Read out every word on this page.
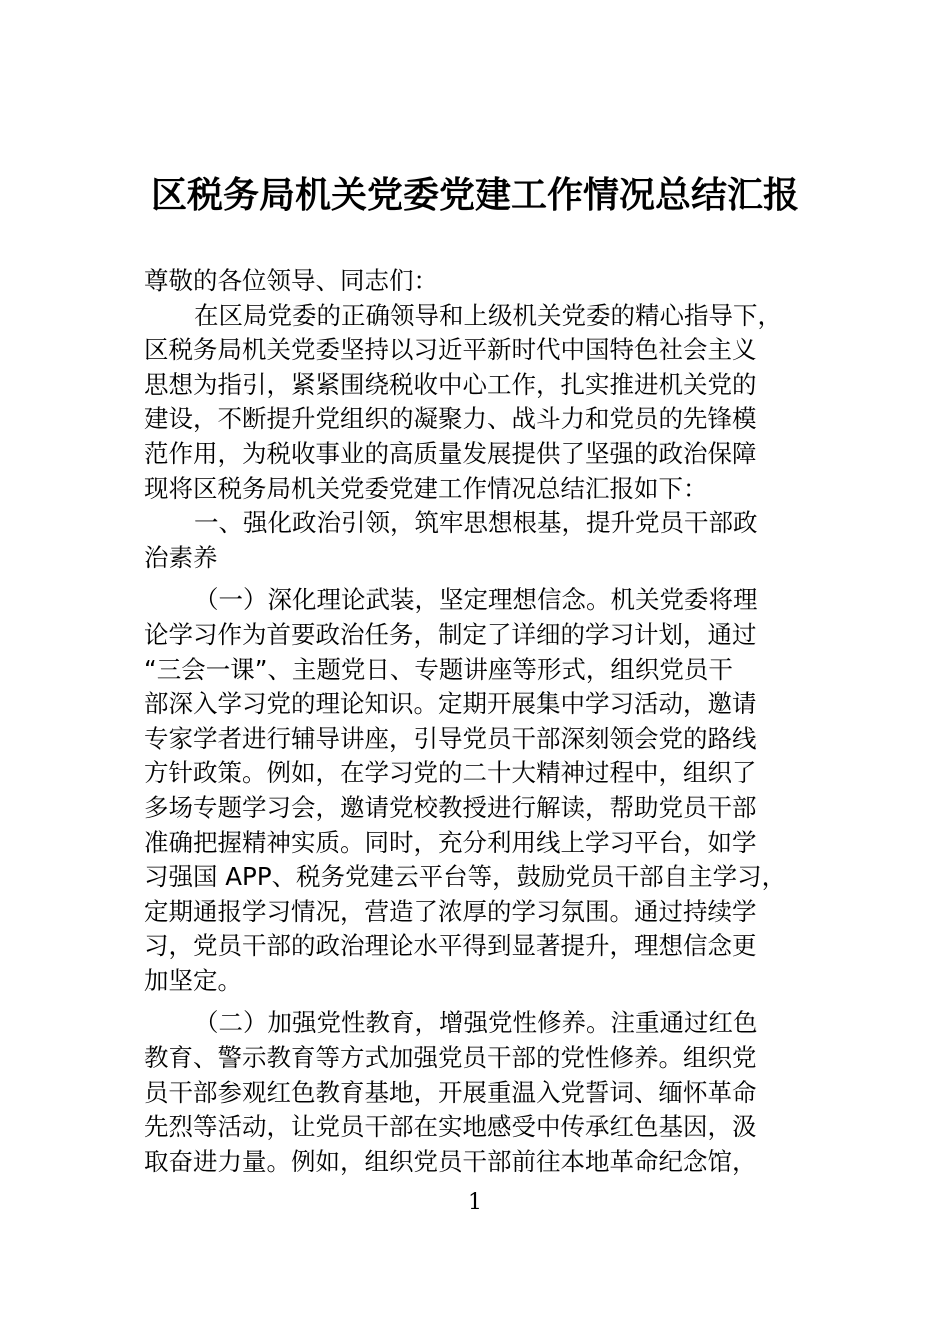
区税务局机关党委党建工作情况总结汇报
尊敬的各位领导、同志们：
在区局党委的正确领导和上级机关党委的精心指导下，
区税务局机关党委坚持以习近平新时代中国特色社会主义
思想为指引，紧紧围绕税收中心工作，扎实推进机关党的
建设，不断提升党组织的凝聚力、战斗力和党员的先锋模
范作用，为税收事业的高质量发展提供了坚强的政治保障
现将区税务局机关党委党建工作情况总结汇报如下：
一、强化政治引领，筑牢思想根基，提升党员干部政
治素养
（一）深化理论武装，坚定理想信念。机关党委将理
论学习作为首要政治任务，制定了详细的学习计划，通过
“三会一课”、主题党日、专题讲座等形式，组织党员干
部深入学习党的理论知识。定期开展集中学习活动，邀请
专家学者进行辅导讲座，引导党员干部深刻领会党的路线
方针政策。例如，在学习党的二十大精神过程中，组织了
多场专题学习会，邀请党校教授进行解读，帮助党员干部
准确把握精神实质。同时，充分利用线上学习平台，如学
习强国 APP、税务党建云平台等，鼓励党员干部自主学习，
定期通报学习情况，营造了浓厚的学习氛围。通过持续学
习，党员干部的政治理论水平得到显著提升，理想信念更
加坚定。
（二）加强党性教育，增强党性修养。注重通过红色
教育、警示教育等方式加强党员干部的党性修养。组织党
员干部参观红色教育基地，开展重温入党誓词、缅怀革命
先烈等活动，让党员干部在实地感受中传承红色基因，汲
取奋进力量。例如，组织党员干部前往本地革命纪念馆，
1
